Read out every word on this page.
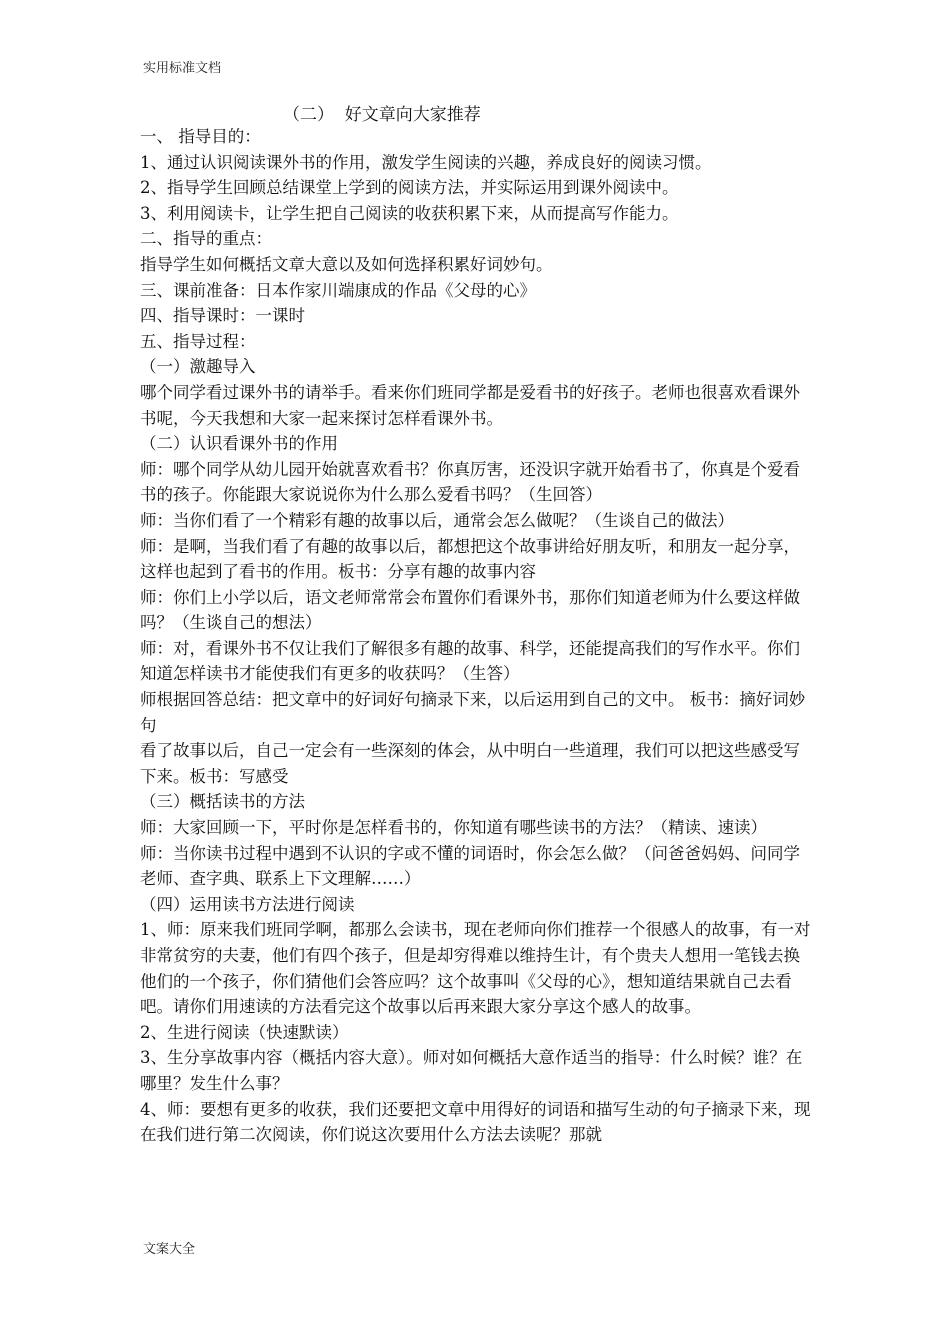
实用标准文档
（二）  好文章向大家推荐

一、 指导目的：

1、通过认识阅读课外书的作用，激发学生阅读的兴趣，养成良好的阅读习惯。

2、指导学生回顾总结课堂上学到的阅读方法，并实际运用到课外阅读中。

3、利用阅读卡，让学生把自己阅读的收获积累下来，从而提高写作能力。

二、指导的重点：

指导学生如何概括文章大意以及如何选择积累好词妙句。

三、课前准备：日本作家川端康成的作品《父母的心》

四、指导课时：一课时

五、指导过程：

（一）激趣导入

哪个同学看过课外书的请举手。看来你们班同学都是爱看书的好孩子。老师也很喜欢看课外书呢，今天我想和大家一起来探讨怎样看课外书。

（二）认识看课外书的作用

师：哪个同学从幼儿园开始就喜欢看书？你真厉害，还没识字就开始看书了，你真是个爱看书的孩子。你能跟大家说说你为什么那么爱看书吗？（生回答）

师：当你们看了一个精彩有趣的故事以后，通常会怎么做呢？（生谈自己的做法）

师：是啊，当我们看了有趣的故事以后，都想把这个故事讲给好朋友听，和朋友一起分享，这样也起到了看书的作用。板书：分享有趣的故事内容

师：你们上小学以后，语文老师常常会布置你们看课外书，那你们知道老师为什么要这样做吗？（生谈自己的想法）

师：对，看课外书不仅让我们了解很多有趣的故事、科学，还能提高我们的写作水平。你们知道怎样读书才能使我们有更多的收获吗？（生答）

师根据回答总结：把文章中的好词好句摘录下来，以后运用到自己的文中。 板书：摘好词妙句

看了故事以后，自己一定会有一些深刻的体会，从中明白一些道理，我们可以把这些感受写下来。板书：写感受

（三）概括读书的方法

师：大家回顾一下，平时你是怎样看书的，你知道有哪些读书的方法？（精读、速读）

师：当你读书过程中遇到不认识的字或不懂的词语时，你会怎么做？（问爸爸妈妈、问同学老师、查字典、联系上下文理解……）

（四）运用读书方法进行阅读

1、师：原来我们班同学啊，都那么会读书，现在老师向你们推荐一个很感人的故事，有一对非常贫穷的夫妻，他们有四个孩子，但是却穷得难以维持生计，有个贵夫人想用一笔钱去换他们的一个孩子，你们猜他们会答应吗？这个故事叫《父母的心》，想知道结果就自己去看吧。请你们用速读的方法看完这个故事以后再来跟大家分享这个感人的故事。

2、生进行阅读（快速默读）

3、生分享故事内容（概括内容大意）。师对如何概括大意作适当的指导：什么时候？谁？在哪里？发生什么事？

4、师：要想有更多的收获，我们还要把文章中用得好的词语和描写生动的句子摘录下来，现在我们进行第二次阅读，你们说这次要用什么方法去读呢？那就

文案大全
